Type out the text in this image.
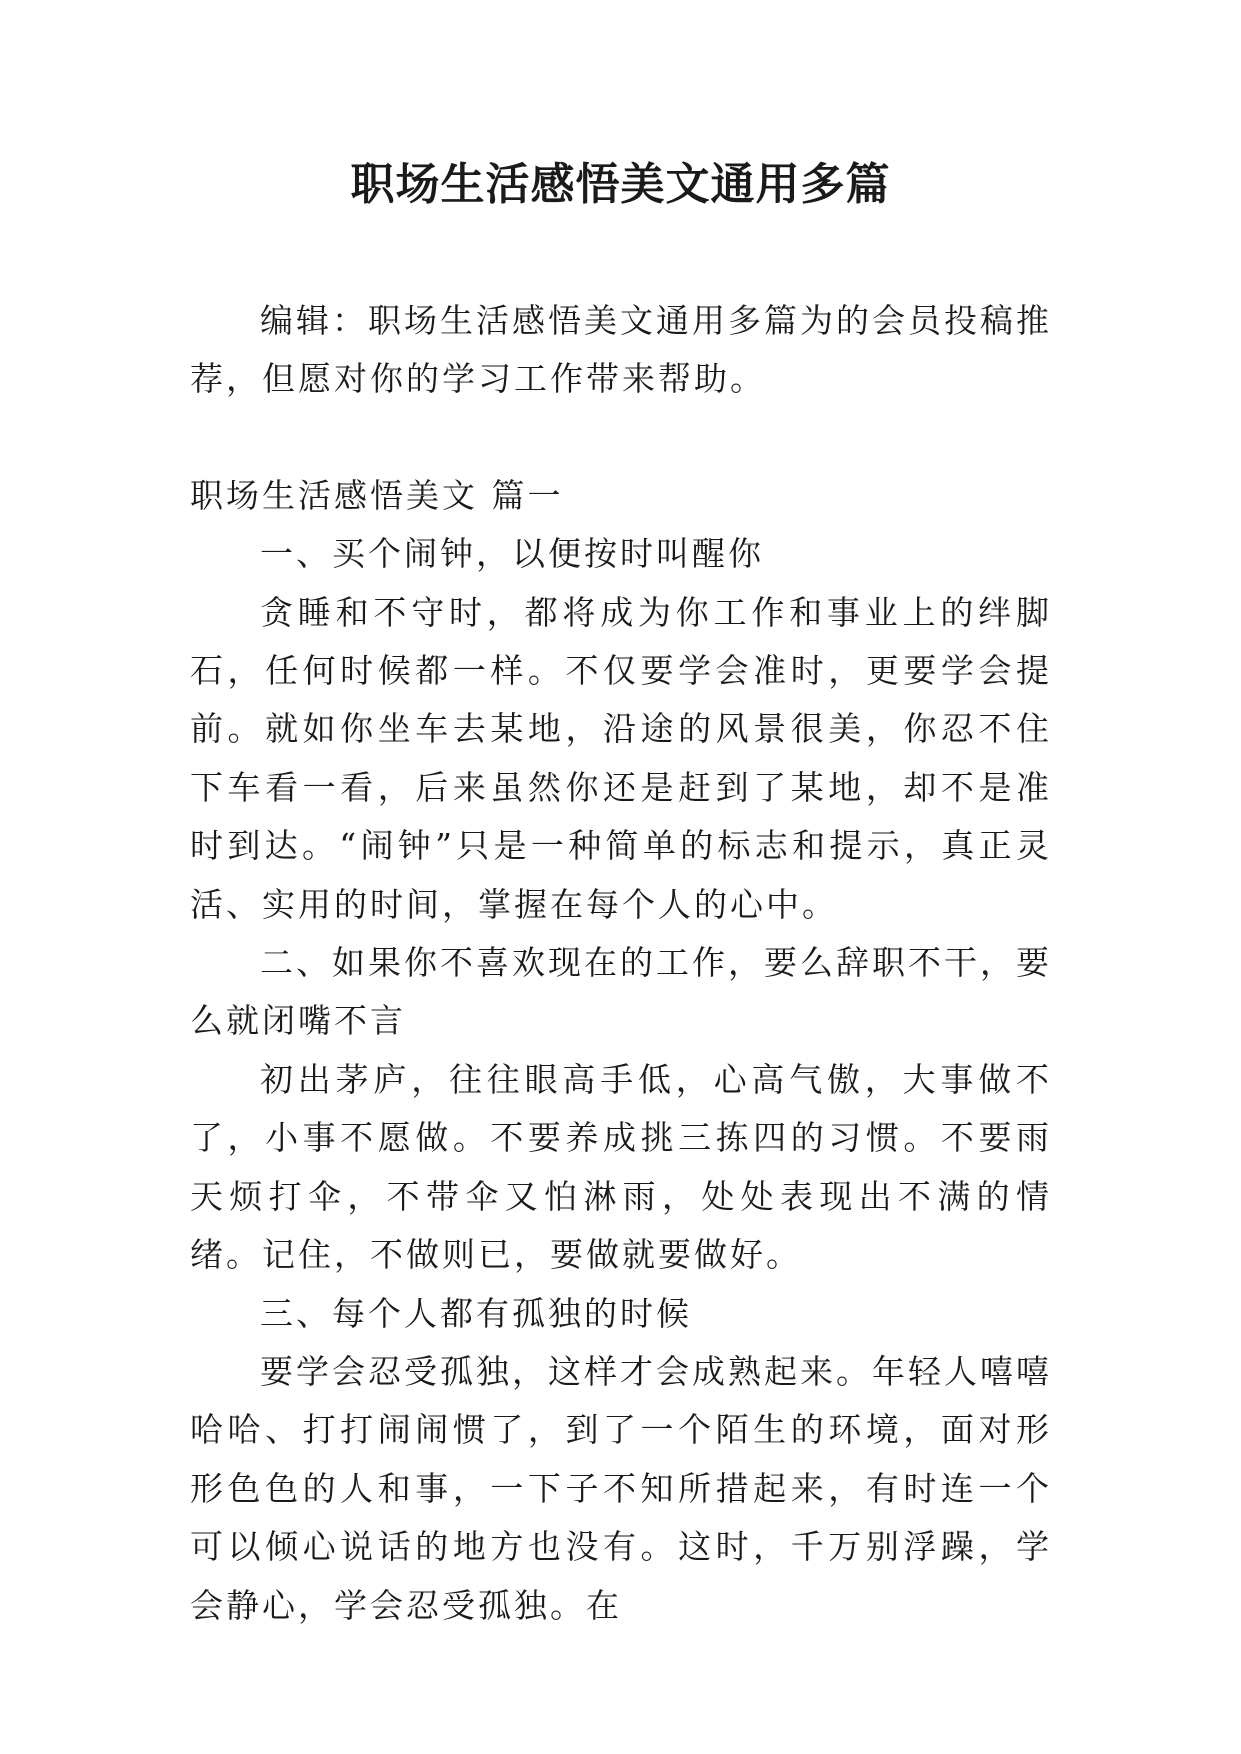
职场生活感悟美文通用多篇

编辑：职场生活感悟美文通用多篇为的会员投稿推荐，但愿对你的学习工作带来帮助。

职场生活感悟美文 篇一

一、买个闹钟，以便按时叫醒你

贪睡和不守时，都将成为你工作和事业上的绊脚石，任何时候都一样。不仅要学会准时，更要学会提前。就如你坐车去某地，沿途的风景很美，你忍不住下车看一看，后来虽然你还是赶到了某地，却不是准时到达。“闹钟”只是一种简单的标志和提示，真正灵活、实用的时间，掌握在每个人的心中。

二、如果你不喜欢现在的工作，要么辞职不干，要么就闭嘴不言

初出茅庐，往往眼高手低，心高气傲，大事做不了，小事不愿做。不要养成挑三拣四的习惯。不要雨天烦打伞，不带伞又怕淋雨，处处表现出不满的情绪。记住，不做则已，要做就要做好。

三、每个人都有孤独的时候

要学会忍受孤独，这样才会成熟起来。年轻人嘻嘻哈哈、打打闹闹惯了，到了一个陌生的环境，面对形形色色的人和事，一下子不知所措起来，有时连一个可以倾心说话的地方也没有。这时，千万别浮躁，学会静心，学会忍受孤独。在
